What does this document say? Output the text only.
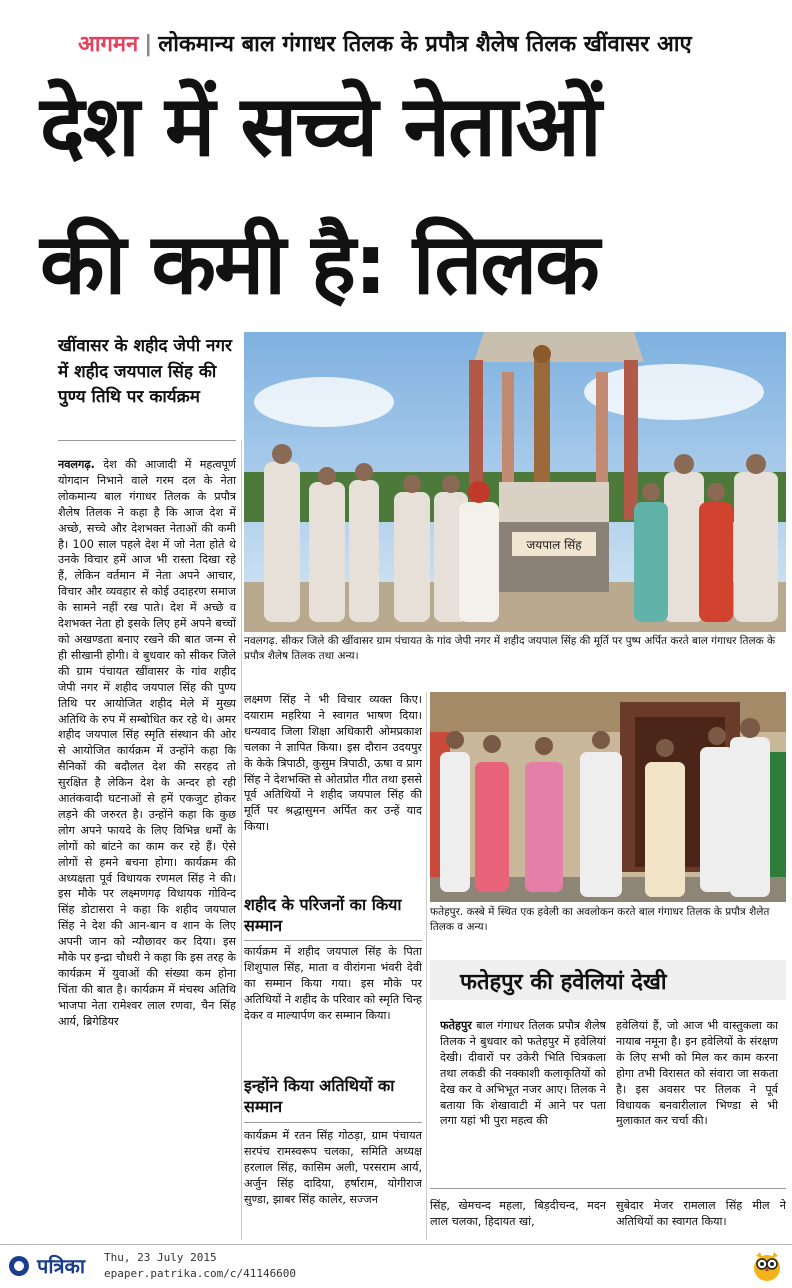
आगमन | लोकमान्य बाल गंगाधर तिलक के प्रपौत्र शैलेष तिलक खींवासर आए
देश में सच्चे नेताओं
की कमी है: तिलक
खींवासर के शहीद जेपी नगर में शहीद जयपाल सिंह की पुण्य तिथि पर कार्यक्रम
नवलगढ़. देश की आजादी में महत्वपूर्ण योगदान निभाने वाले गरम दल के नेता लोकमान्य बाल गंगाधर तिलक के प्रपौत्र शैलेष तिलक ने कहा है कि आज देश में अच्छे, सच्चे और देशभक्त नेताओं की कमी है। 100 साल पहले देश में जो नेता होते थे उनके विचार हमें आज भी रास्ता दिखा रहे हैं, लेकिन वर्तमान में नेता अपने आचार, विचार और व्यवहार से कोई उदाहरण समाज के सामने नहीं रख पाते। देश में अच्छे व देशभक्त नेता हो इसके लिए हमें अपने बच्चों को अखण्डता बनाए रखने की बात जन्म से ही सीखानी होगी। वे बुधवार को सीकर जिले की ग्राम पंचायत खींवासर के गांव शहीद जेपी नगर में शहीद जयपाल सिंह की पुण्य तिथि पर आयोजित शहीद मेले में मुख्य अतिथि के रुप में सम्बोधित कर रहे थे। अमर शहीद जयपाल सिंह स्मृति संस्थान की ओर से आयोजित कार्यक्रम में उन्होंने कहा कि सैनिकों की बदौलत देश की सरहद तो सुरक्षित है लेकिन देश के अन्दर हो रही आतंकवादी घटनाओं से हमें एकजुट होकर लड़ने की जरुरत है। उन्होंने कहा कि कुछ लोग अपने फायदे के लिए विभिन्न धर्मों के लोगों को बांटने का काम कर रहे हैं। ऐसे लोगों से हमने बचना होगा। कार्यक्रम की अध्यक्षता पूर्व विधायक रणमल सिंह ने की। इस मौके पर लक्ष्मणगढ़ विधायक गोविन्द सिंह डोटासरा ने कहा कि शहीद जयपाल सिंह ने देश की आन-बान व शान के लिए अपनी जान को न्यौछावर कर दिया। इस मौके पर इन्द्रा चौधरी ने कहा कि इस तरह के कार्यक्रम में युवाओं की संख्या कम होना चिंता की बात है। कार्यक्रम में मंचस्थ अतिथि भाजपा नेता रामेश्वर लाल रणवा, चैन सिंह आर्य, ब्रिगेडियर
जयपाल सिंह
नवलगढ़. सीकर जिले की खींवासर ग्राम पंचायत के गांव जेपी नगर में शहीद जयपाल सिंह की मूर्ति पर पुष्प अर्पित करते बाल गंगाधर तिलक के प्रपौत्र शैलेष तिलक तथा अन्य।
लक्ष्मण सिंह ने भी विचार व्यक्त किए। दयाराम महरिया ने स्वागत भाषण दिया। धन्यवाद जिला शिक्षा अधिकारी ओमप्रकाश चलका ने ज्ञापित किया। इस दौरान उदयपुर के केके त्रिपाठी, कुसुम त्रिपाठी, ऊषा व प्राग सिंह ने देशभक्ति से ओतप्रोत गीत तथा इससे पूर्व अतिथियों ने शहीद जयपाल सिंह की मूर्ति पर श्रद्धासुमन अर्पित कर उन्हें याद किया।
शहीद के परिजनों का किया सम्मान
कार्यक्रम में शहीद जयपाल सिंह के पिता शिशुपाल सिंह, माता व वीरांगना भंवरी देवी का सम्मान किया गया। इस मौके पर अतिथियों ने शहीद के परिवार को स्मृति चिन्ह देकर व माल्यार्पण कर सम्मान किया।
इन्होंने किया अतिथियों का सम्मान
कार्यक्रम में रतन सिंह गोठड़ा, ग्राम पंचायत सरपंच रामस्वरूप चलका, समिति अध्यक्ष हरलाल सिंह, कासिम अली, परसराम आर्य, अर्जुन सिंह दादिया, हर्षाराम, योगीराज सुण्डा, झाबर सिंह कालेर, सज्जन
फतेहपुर. कस्बे में स्थित एक हवेली का अवलोकन करते बाल गंगाधर तिलक के प्रपौत्र शैलेत तिलक व अन्य।
फतेहपुर की हवेलियां देखी
फतेहपुर बाल गंगाधर तिलक प्रपौत्र शैलेष तिलक ने बुधवार को फतेहपुर में हवेलियां देखी। दीवारों पर उकेरी भिति चित्रकला तथा लकडी की नक्काशी कलाकृतियों को देख कर वे अभिभूत नजर आए। तिलक ने बताया कि शेखावाटी में आने पर पता लगा यहां भी पुरा महत्व की
हवेलियां हैं, जो आज भी वास्तुकला का नायाब नमूना है। इन हवेलियों के संरक्षण के लिए सभी को मिल कर काम करना होगा तभी विरासत को संवारा जा सकता है। इस अवसर पर तिलक ने पूर्व विधायक बनवारीलाल भिण्डा से भी मुलाकात कर चर्चा की।
सिंह, खेमचन्द महला, बिड़दीचन्द, मदन लाल चलका, हिदायत खां,
सुबेदार मेजर रामलाल सिंह मील ने अतिथियों का स्वागत किया।
पत्रिका Thu, 23 July 2015
epaper.patrika.com/c/41146600
